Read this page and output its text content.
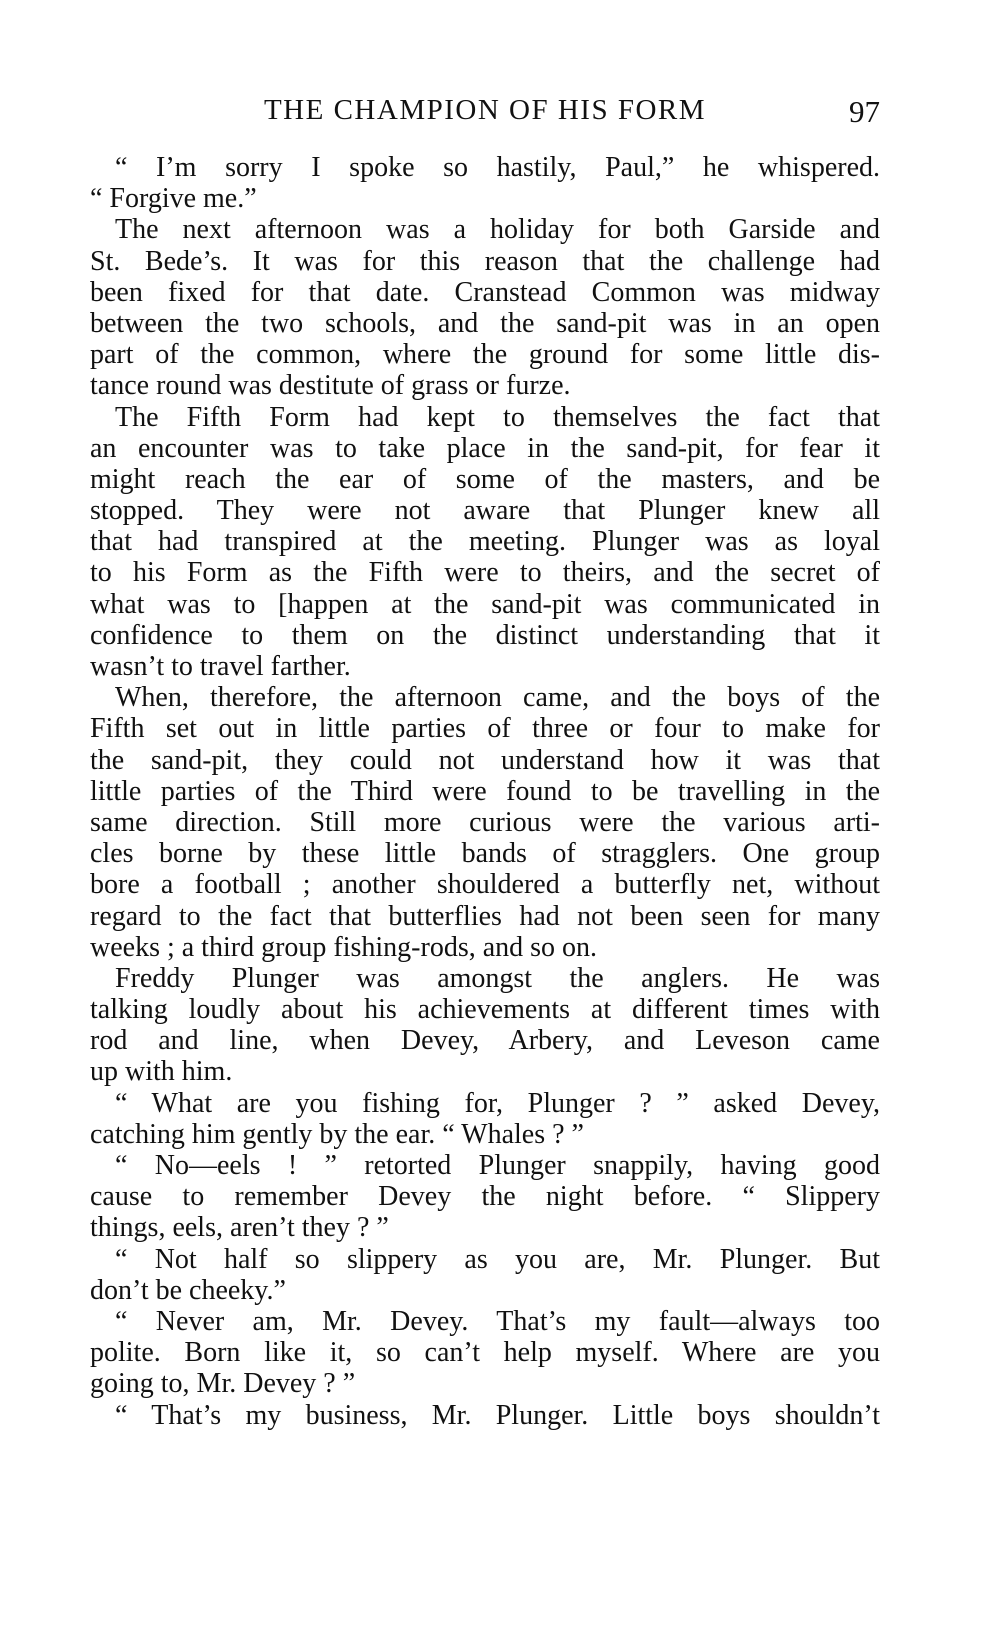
THE CHAMPION OF HIS FORM	97
“ I’m sorry I spoke so hastily, Paul,” he whispered.
“ Forgive me.”
The next afternoon was a holiday for both Garside and
St. Bede’s. It was for this reason that the challenge had
been fixed for that date. Cranstead Common was midway
between the two schools, and the sand-pit was in an open
part of the common, where the ground for some little dis-
tance round was destitute of grass or furze.
The Fifth Form had kept to themselves the fact that
an encounter was to take place in the sand-pit, for fear it
might reach the ear of some of the masters, and be
stopped. They were not aware that Plunger knew all
that had transpired at the meeting. Plunger was as loyal
to his Form as the Fifth were to theirs, and the secret of
what was to [happen at the sand-pit was communicated in
confidence to them on the distinct understanding that it
wasn’t to travel farther.
When, therefore, the afternoon came, and the boys of the
Fifth set out in little parties of three or four to make for
the sand-pit, they could not understand how it was that
little parties of the Third were found to be travelling in the
same direction. Still more curious were the various arti-
cles borne by these little bands of stragglers. One group
bore a football ; another shouldered a butterfly net, without
regard to the fact that butterflies had not been seen for many
weeks ; a third group fishing-rods, and so on.
Freddy Plunger was amongst the anglers. He was
talking loudly about his achievements at different times with
rod and line, when Devey, Arbery, and Leveson came
up with him.
“ What are you fishing for, Plunger ? ” asked Devey,
catching him gently by the ear. “ Whales ? ”
“ No—eels ! ” retorted Plunger snappily, having good
cause to remember Devey the night before. “ Slippery
things, eels, aren’t they ? ”
“ Not half so slippery as you are, Mr. Plunger. But
don’t be cheeky.”
“ Never am, Mr. Devey. That’s my fault—always too
polite. Born like it, so can’t help myself. Where are you
going to, Mr. Devey ? ”
“ That’s my business, Mr. Plunger. Little boys shouldn’t
